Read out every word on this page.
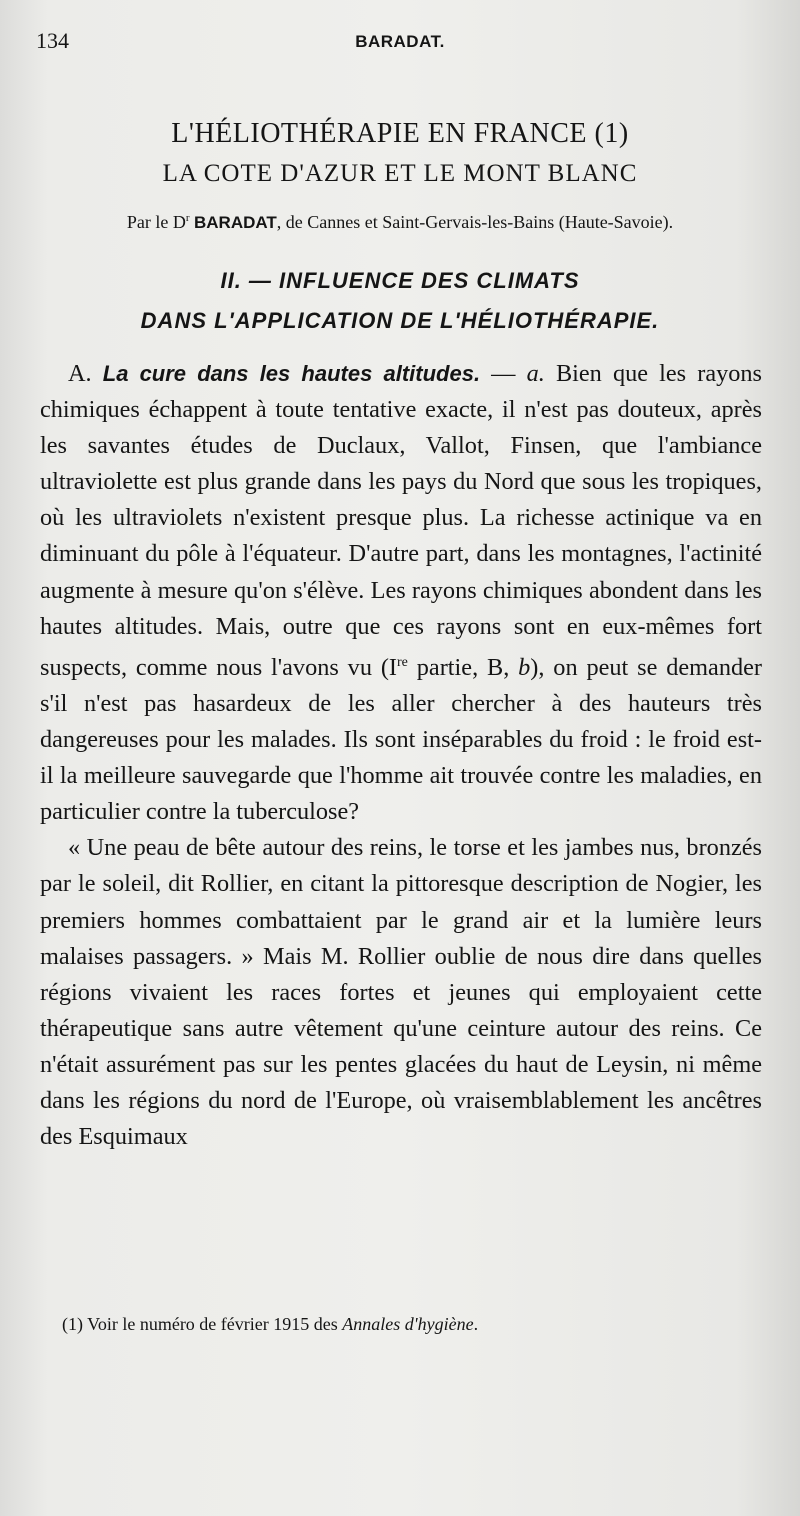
134	BARADAT.
L'HÉLIOTHÉRAPIE EN FRANCE (1)
LA COTE D'AZUR ET LE MONT BLANC
Par le $D^r$ BARADAT, de Cannes et Saint-Gervais-les-Bains (Haute-Savoie).
II. — INFLUENCE DES CLIMATS
DANS L'APPLICATION DE L'HÉLIOTHÉRAPIE.

A. La cure dans les hautes altitudes. — a. Bien que les rayons chimiques échappent à toute tentative exacte, il n'est pas douteux, après les savantes études de Duclaux, Vallot, Finsen, que l'ambiance ultraviolette est plus grande dans les pays du Nord que sous les tropiques, où les ultraviolets n'existent presque plus. La richesse actinique va en diminuant du pôle à l'équateur. D'autre part, dans les montagnes, l'actinité augmente à mesure qu'on s'élève. Les rayons chimiques abondent dans les hautes altitudes. Mais, outre que ces rayons sont en eux-mêmes fort suspects, comme nous l'avons vu (Ire partie, B, b), on peut se demander s'il n'est pas hasardeux de les aller chercher à des hauteurs très dangereuses pour les malades. Ils sont inséparables du froid : le froid est-il la meilleure sauvegarde que l'homme ait trouvée contre les maladies, en particulier contre la tuberculose?

« Une peau de bête autour des reins, le torse et les jambes nus, bronzés par le soleil, dit Rollier, en citant la pittoresque description de Nogier, les premiers hommes combattaient par le grand air et la lumière leurs malaises passagers. » Mais M. Rollier oublie de nous dire dans quelles régions vivaient les races fortes et jeunes qui employaient cette thérapeutique sans autre vêtement qu'une ceinture autour des reins. Ce n'était assurément pas sur les pentes glacées du haut de Leysin, ni même dans les régions du nord de l'Europe, où vraisemblablement les ancêtres des Esquimaux

(1) Voir le numéro de février 1915 des Annales d'hygiène.
